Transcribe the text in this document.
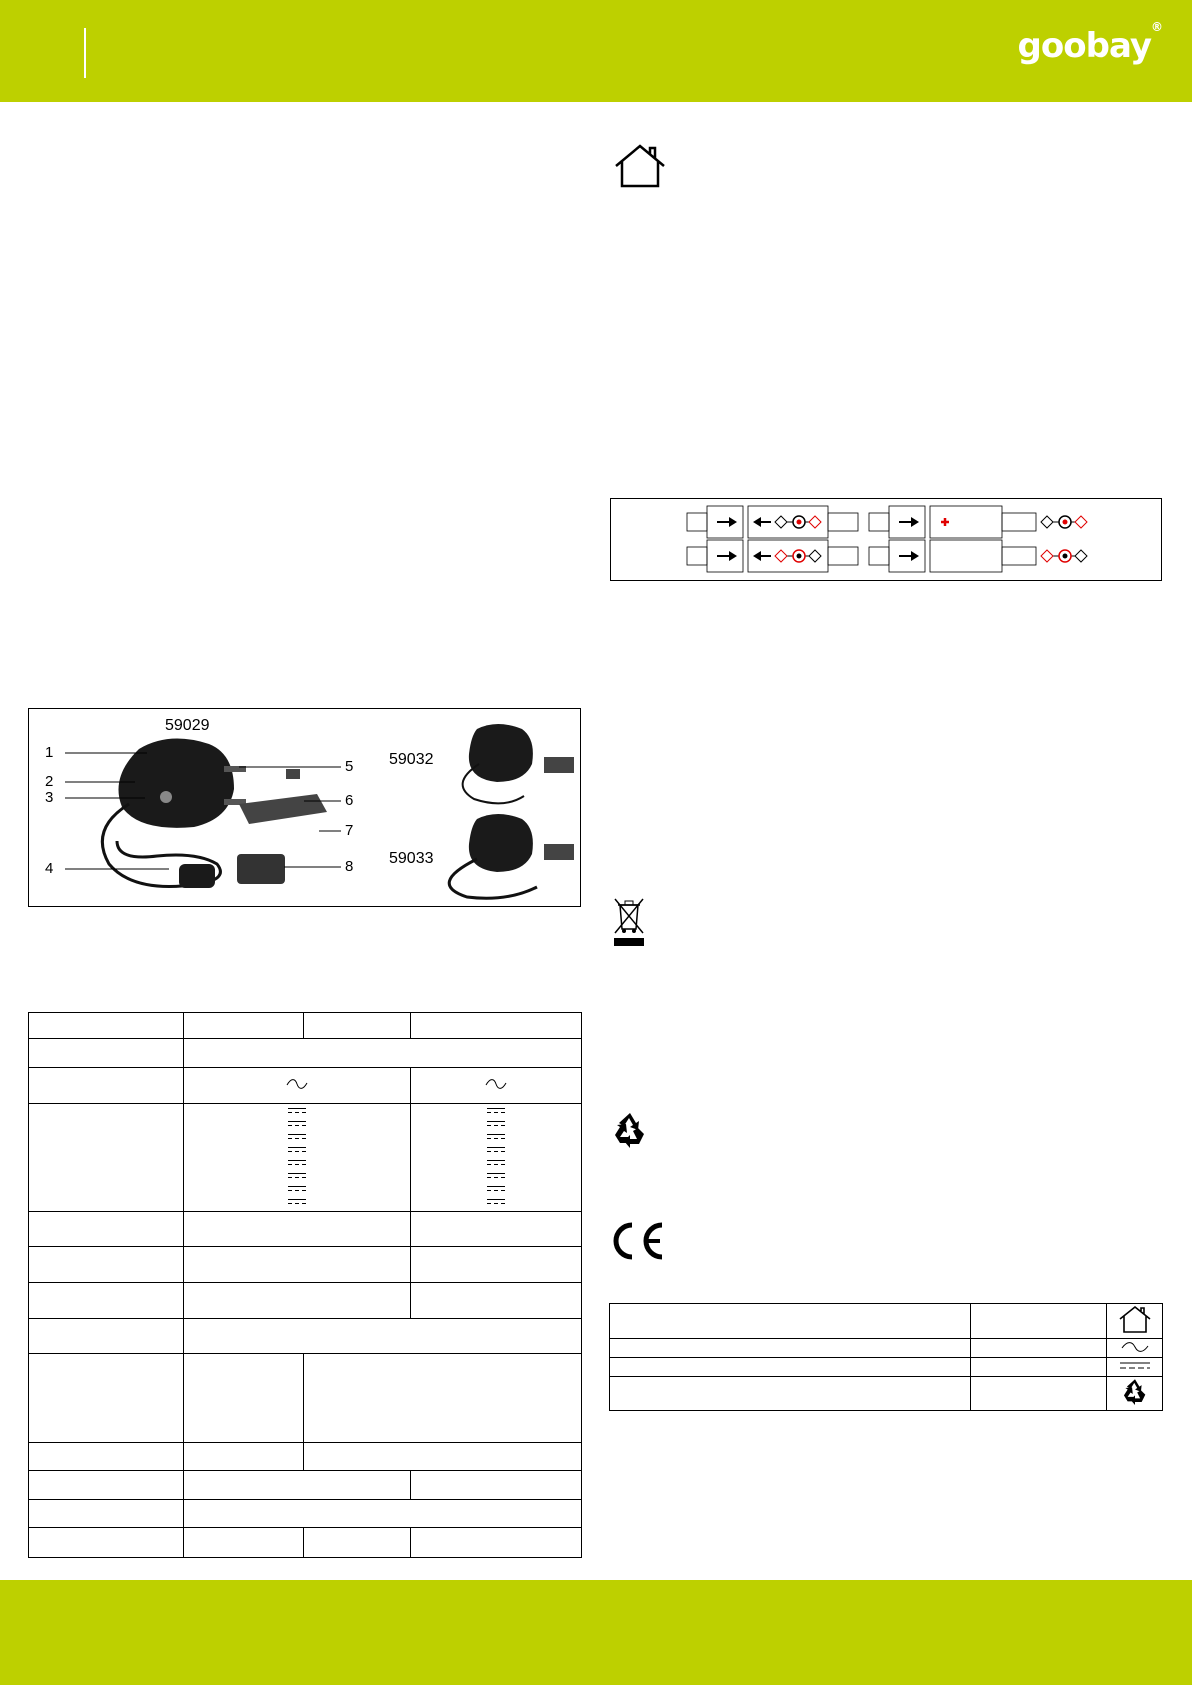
goobay®
59029
59032
59033
1
2
3
4
5
6
7
8
